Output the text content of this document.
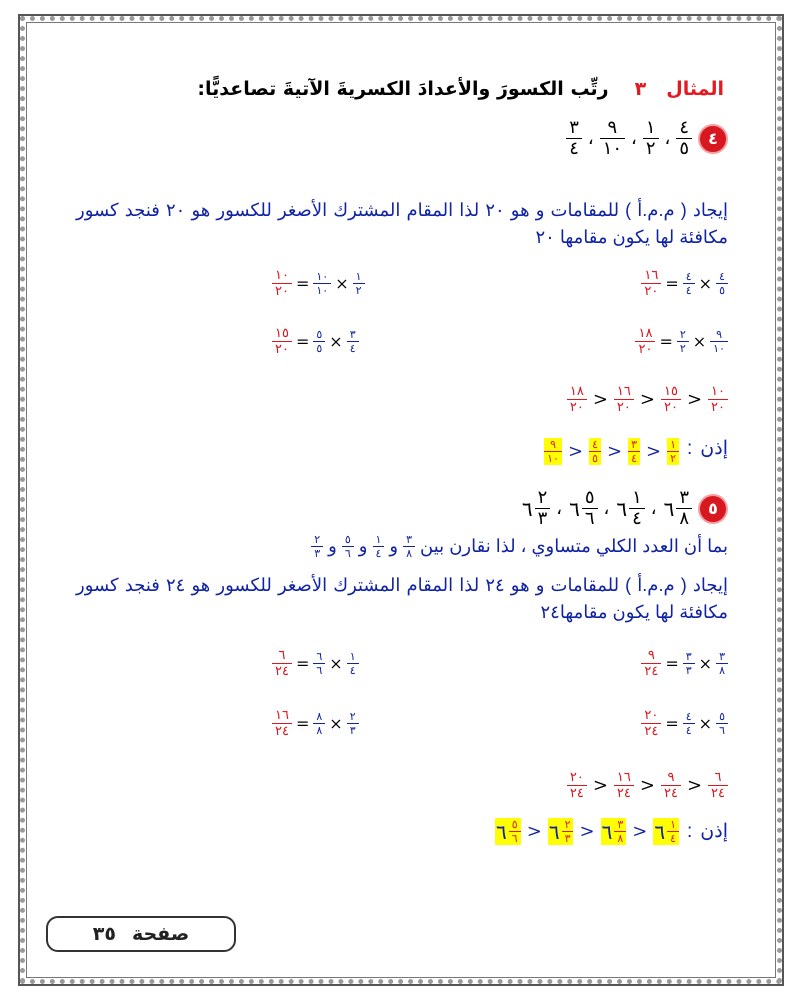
المثال٣رتِّب الكسورَ والأعدادَ الكسريةَ الآتيةَ تصاعديًّا:
٤
$\frac{٤}{٥}$
،
$\frac{١}{٢}$
،
$\frac{٩}{١٠}$
،
$\frac{٣}{٤}$
إيجاد ( م.م.أ ) للمقامات و هو ٢٠ لذا المقام المشترك الأصغر للكسور هو ٢٠ فنجد كسور مكافئة لها يكون مقامها ٢٠
$\frac{١٦}{٢٠} = \frac{٤}{٤} \times \frac{٤}{٥}$
$\frac{١٠}{٢٠} = \frac{١٠}{١٠} \times \frac{١}{٢}$
$\frac{١٨}{٢٠} = \frac{٢}{٢} \times \frac{٩}{١٠}$
$\frac{١٥}{٢٠} = \frac{٥}{٥} \times \frac{٣}{٤}$
$\frac{١٨}{٢٠} > \frac{١٦}{٢٠} > \frac{١٥}{٢٠} > \frac{١٠}{٢٠}$
إذن
:
$\frac{٩}{١٠} > \frac{٤}{٥} > \frac{٣}{٤} > \frac{١}{٢}$
٥
٦ $\frac{٣}{٨}$
،
٦ $\frac{١}{٤}$
،
٦ $\frac{٥}{٦}$
،
٦ $\frac{٢}{٣}$
بما أن العدد الكلي متساوي ، لذا نقارن بين
$\frac{٣}{٨}$
و
$\frac{١}{٤}$
و
$\frac{٥}{٦}$
و
$\frac{٢}{٣}$
إيجاد ( م.م.أ ) للمقامات و هو ٢٤ لذا المقام المشترك الأصغر للكسور هو ٢٤ فنجد كسور مكافئة لها يكون مقامها٢٤
$\frac{٩}{٢٤} = \frac{٣}{٣} \times \frac{٣}{٨}$
$\frac{٦}{٢٤} = \frac{٦}{٦} \times \frac{١}{٤}$
$\frac{٢٠}{٢٤} = \frac{٤}{٤} \times \frac{٥}{٦}$
$\frac{١٦}{٢٤} = \frac{٨}{٨} \times \frac{٢}{٣}$
$\frac{٢٠}{٢٤} > \frac{١٦}{٢٤} > \frac{٩}{٢٤} > \frac{٦}{٢٤}$
إذن
:
٦ $\frac{٥}{٦}$ > ٦ $\frac{٢}{٣}$ > ٦ $\frac{٣}{٨}$ > ٦ $\frac{١}{٤}$
صفحة
٣٥
